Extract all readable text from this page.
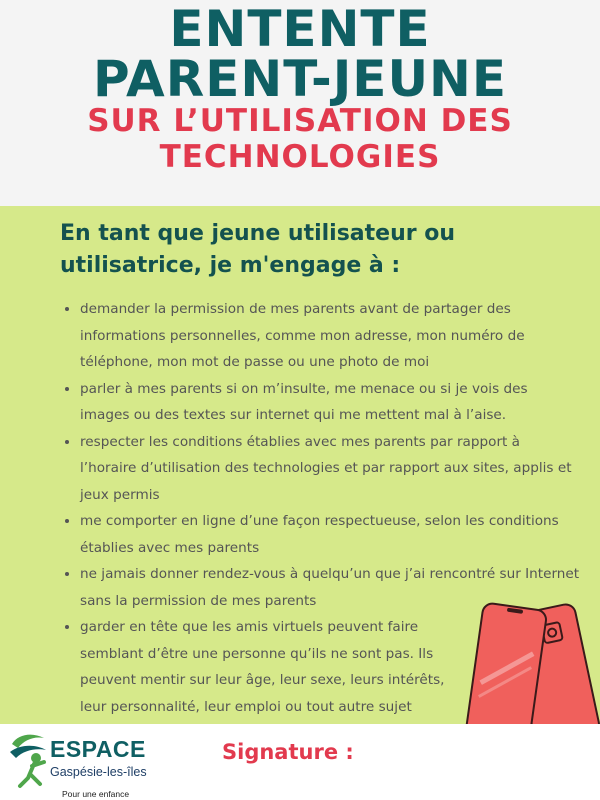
ENTENTE
PARENT-JEUNE
SUR L’UTILISATION DES
TECHNOLOGIES

En tant que jeune utilisateur ou utilisatrice, je m'engage à :

• demander la permission de mes parents avant de partager des informations personnelles, comme mon adresse, mon numéro de téléphone, mon mot de passe ou une photo de moi
• parler à mes parents si on m’insulte, me menace ou si je vois des images ou des textes sur internet qui me mettent mal à l’aise.
• respecter les conditions établies avec mes parents par rapport à l’horaire d’utilisation des technologies et par rapport aux sites, applis et jeux permis
• me comporter en ligne d’une façon respectueuse, selon les conditions établies avec mes parents
• ne jamais donner rendez-vous à quelqu’un que j’ai rencontré sur Internet sans la permission de mes parents
• garder en tête que les amis virtuels peuvent faire semblant d’être une personne qu’ils ne sont pas. Ils peuvent mentir sur leur âge, leur sexe, leurs intérêts, leur personnalité, leur emploi ou tout autre sujet
ESPACE
Gaspésie-les-îles
Pour une enfance
Signature :
